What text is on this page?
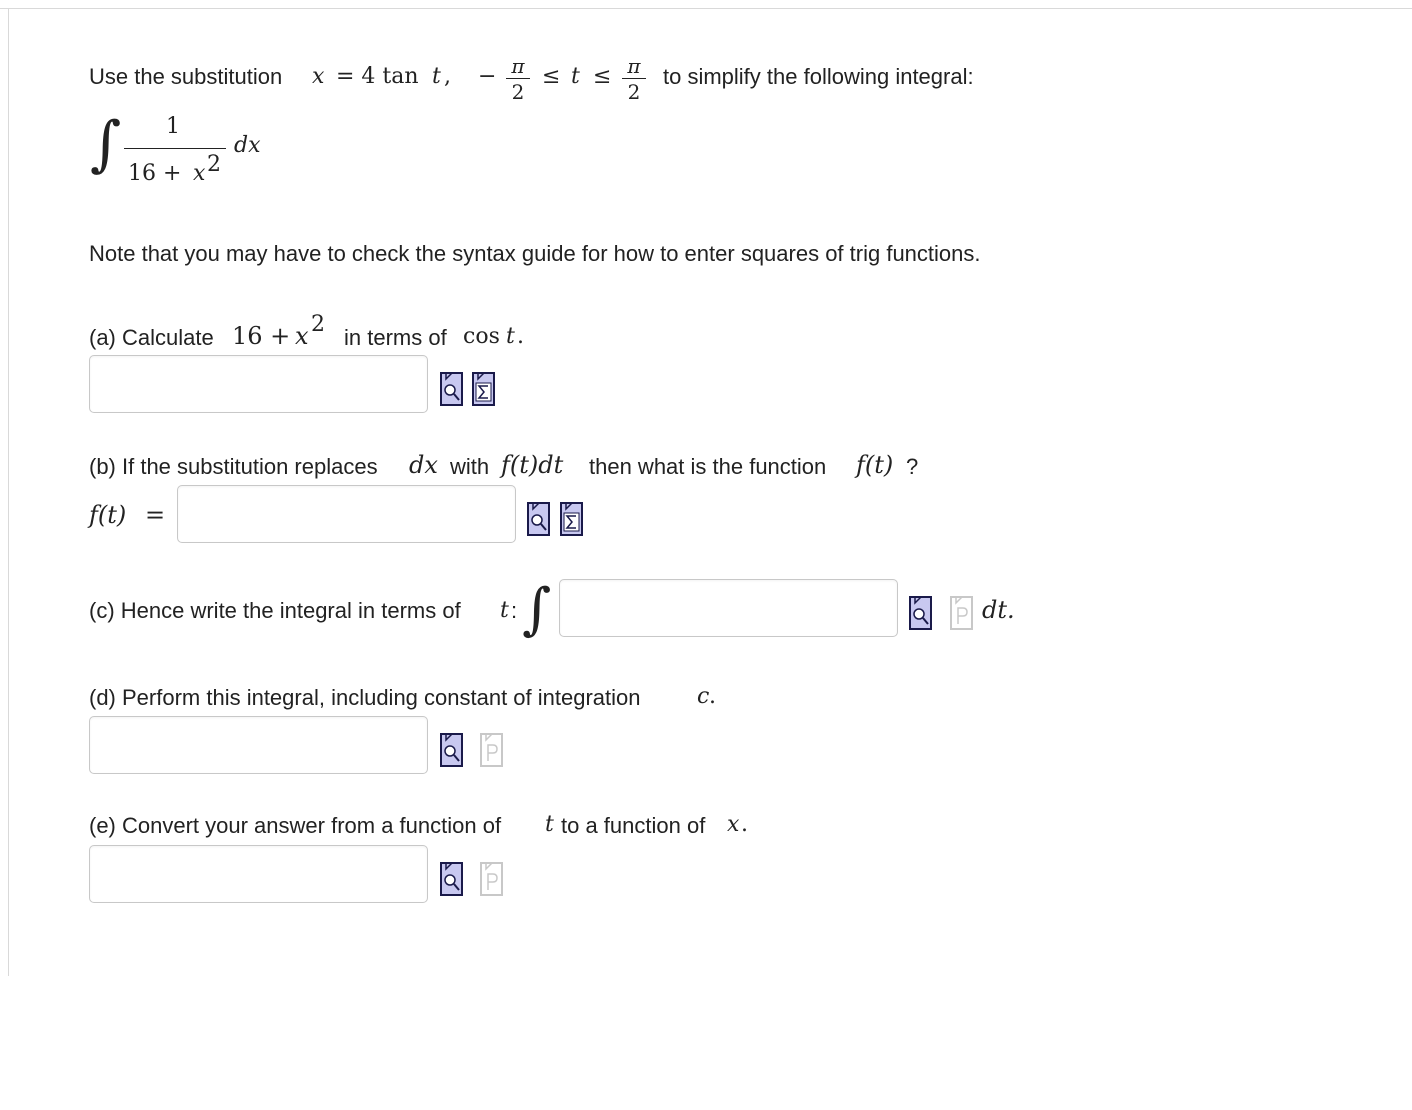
Use the substitution x = 4 tan t , − π
2
≤ t ≤ π
2
to simplify the following integral:
∫ 1
16 + x 2
dx
Note that you may have to check the syntax guide for how to enter squares of trig functions.
(a) Calculate 16 + x 2
in terms of cos t .
(b) If the substitution replaces dx with f(t)dt then what is the function f(t) ?
f(t) =
(c) Hence write the integral in terms of t : ∫	dt.
(d) Perform this integral, including constant of integration	c .
(e) Convert your answer from a function of t to a function of x .
